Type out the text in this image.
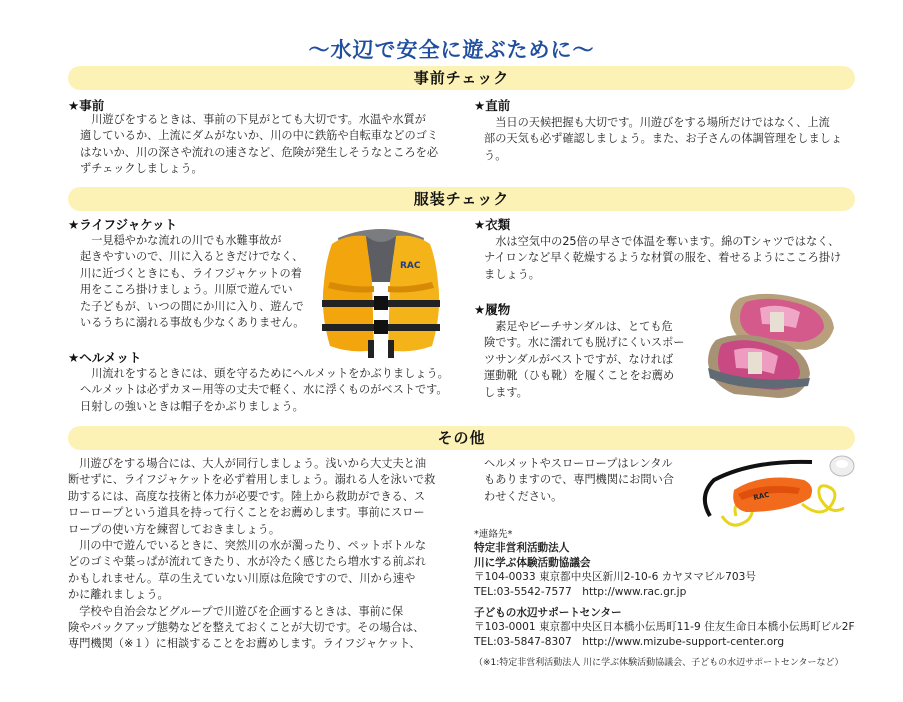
〜水辺で安全に遊ぶために〜
事前チェック
★事前
川遊びをするときは、事前の下見がとても大切です。水温や水質が
適しているか、上流にダムがないか、川の中に鉄筋や自転車などのゴミ
はないか、川の深さや流れの速さなど、危険が発生しそうなところを必
ずチェックしましょう。
★直前
当日の天候把握も大切です。川遊びをする場所だけではなく、上流
部の天気も必ず確認しましょう。また、お子さんの体調管理をしましょう。
服装チェック
★ライフジャケット
一見穏やかな流れの川でも水難事故が
起きやすいので、川に入るときだけでなく、
川に近づくときにも、ライフジャケットの着
用をこころ掛けましょう。川原で遊んでい
た子どもが、いつの間にか川に入り、遊んで
いるうちに溺れる事故も少なくありません。
RAC
★ヘルメット
川流れをするときには、頭を守るためにヘルメットをかぶりましょう。
ヘルメットは必ずカヌー用等の丈夫で軽く、水に浮くものがベストです。
日射しの強いときは帽子をかぶりましょう。
★衣類
水は空気中の25倍の早さで体温を奪います。綿のTシャツではなく、
ナイロンなど早く乾燥するような材質の服を、着せるようにこころ掛け
ましょう。
★履物
素足やビーチサンダルは、とても危
険です。水に濡れても脱げにくいスポー
ツサンダルがベストですが、なければ
運動靴（ひも靴）を履くことをお薦め
します。
その他
川遊びをする場合には、大人が同行しましょう。浅いから大丈夫と油
断せずに、ライフジャケットを必ず着用しましょう。溺れる人を泳いで救
助するには、高度な技術と体力が必要です。陸上から救助ができる、ス
ローロープという道具を持って行くことをお薦めします。事前にスロー
ロープの使い方を練習しておきましょう。
　川の中で遊んでいるときに、突然川の水が濁ったり、ペットボトルな
どのゴミや葉っぱが流れてきたり、水が冷たく感じたら増水する前ぶれ
かもしれません。草の生えていない川原は危険ですので、川から速や
かに離れましょう。
　学校や自治会などグループで川遊びを企画するときは、事前に保
険やバックアップ態勢などを整えておくことが大切です。その場合は、
専門機関（※１）に相談することをお薦めします。ライフジャケット、
ヘルメットやスローロープはレンタル
もありますので、専門機関にお問い合
わせください。	RAC
*連絡先*
特定非営利活動法人
川に学ぶ体験活動協議会
〒104-0033 東京都中央区新川2-10-6 カヤヌマビル703号
TEL:03-5542-7577　http://www.rac.gr.jp
子どもの水辺サポートセンター
〒103-0001 東京都中央区日本橋小伝馬町11-9 住友生命日本橋小伝馬町ビル2F
TEL:03-5847-8307　http://www.mizube-support-center.org
（※1:特定非営利活動法人 川に学ぶ体験活動協議会、子どもの水辺サポートセンターなど）
